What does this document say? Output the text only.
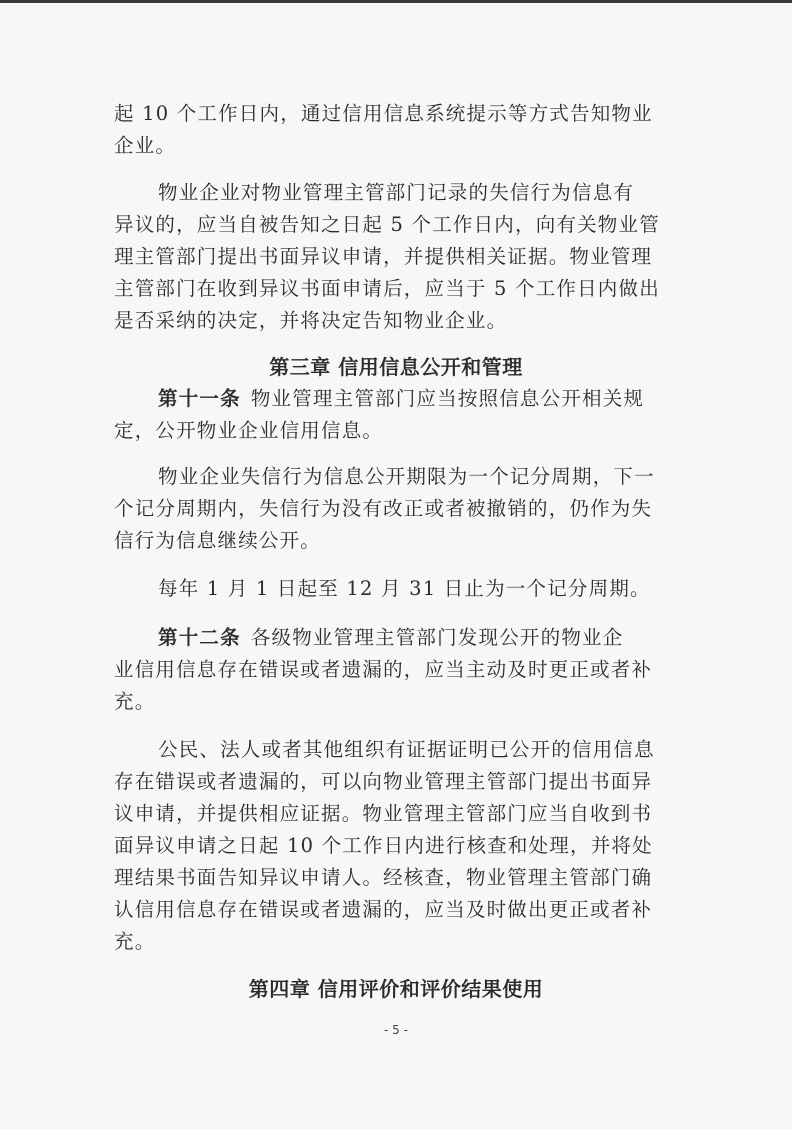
起 10 个工作日内，通过信用信息系统提示等方式告知物业
企业。
物业企业对物业管理主管部门记录的失信行为信息有
异议的，应当自被告知之日起 5 个工作日内，向有关物业管
理主管部门提出书面异议申请，并提供相关证据。物业管理
主管部门在收到异议书面申请后，应当于 5 个工作日内做出
是否采纳的决定，并将决定告知物业企业。
第三章 信用信息公开和管理
第十一条 物业管理主管部门应当按照信息公开相关规
定，公开物业企业信用信息。
物业企业失信行为信息公开期限为一个记分周期，下一
个记分周期内，失信行为没有改正或者被撤销的，仍作为失
信行为信息继续公开。
每年 1 月 1 日起至 12 月 31 日止为一个记分周期。
第十二条 各级物业管理主管部门发现公开的物业企
业信用信息存在错误或者遗漏的，应当主动及时更正或者补
充。
公民、法人或者其他组织有证据证明已公开的信用信息
存在错误或者遗漏的，可以向物业管理主管部门提出书面异
议申请，并提供相应证据。物业管理主管部门应当自收到书
面异议申请之日起 10 个工作日内进行核查和处理，并将处
理结果书面告知异议申请人。经核查，物业管理主管部门确
认信用信息存在错误或者遗漏的，应当及时做出更正或者补
充。
第四章 信用评价和评价结果使用
- 5 -
